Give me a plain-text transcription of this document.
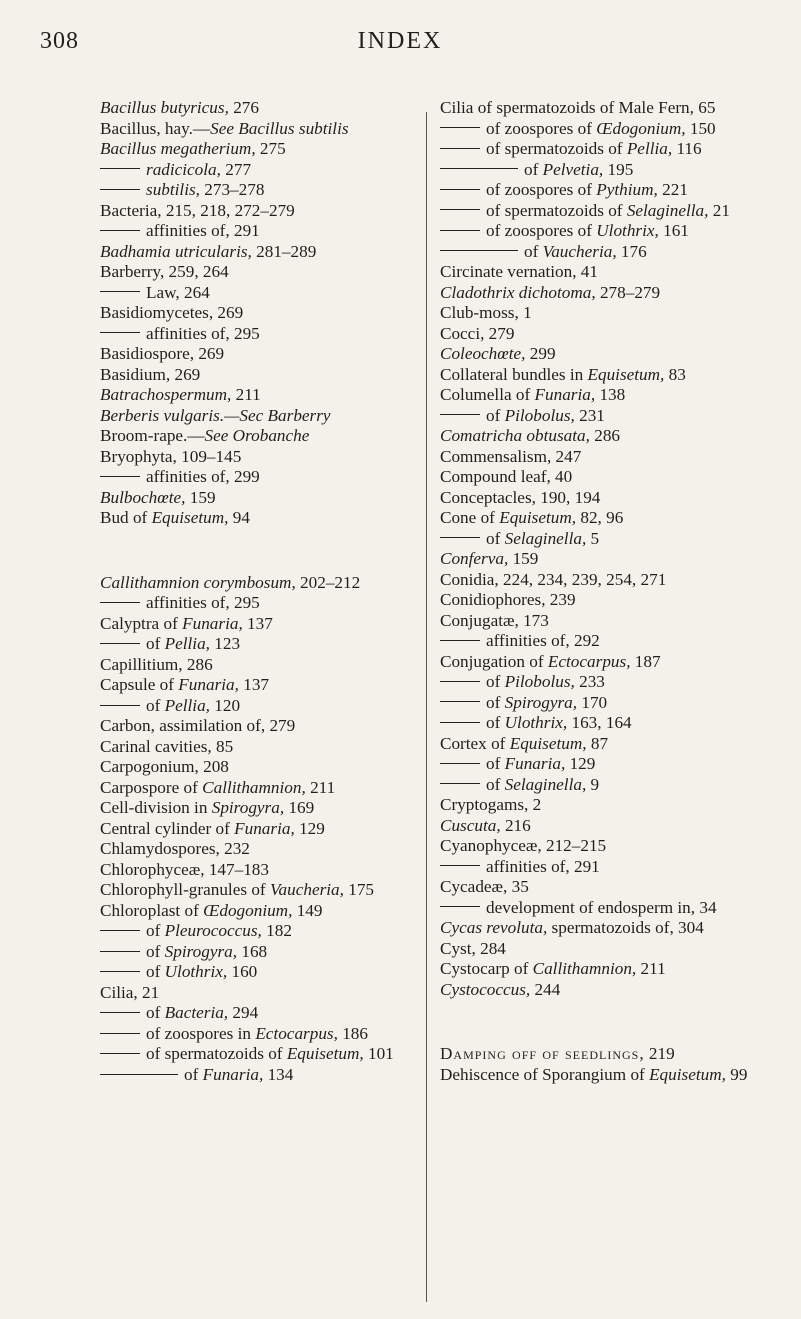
308	INDEX

Bacillus butyricus, 276

Bacillus, hay.—See Bacillus subtilis

Bacillus megatherium, 275

radicicola, 277

subtilis, 273–278

Bacteria, 215, 218, 272–279

affinities of, 291

Badhamia utricularis, 281–289

Barberry, 259, 264

Law, 264

Basidiomycetes, 269

affinities of, 295

Basidiospore, 269

Basidium, 269

Batrachospermum, 211

Berberis vulgaris.—Sec Barberry

Broom-rape.—See Orobanche

Bryophyta, 109–145

affinities of, 299

Bulbochœte, 159

Bud of Equisetum, 94

Callithamnion corymbosum, 202–212

affinities of, 295

Calyptra of Funaria, 137

of Pellia, 123

Capillitium, 286

Capsule of Funaria, 137

of Pellia, 120

Carbon, assimilation of, 279

Carinal cavities, 85

Carpogonium, 208

Carpospore of Callithamnion, 211

Cell-division in Spirogyra, 169

Central cylinder of Funaria, 129

Chlamydospores, 232

Chlorophyceæ, 147–183

Chlorophyll-granules of Vaucheria, 175

Chloroplast of Œdogonium, 149

of Pleurococcus, 182

of Spirogyra, 168

of Ulothrix, 160

Cilia, 21

of Bacteria, 294

of zoospores in Ectocarpus, 186

of spermatozoids of Equisetum, 101

of Funaria, 134

Cilia of spermatozoids of Male Fern, 65

of zoospores of Œdogonium, 150

of spermatozoids of Pellia, 116

of Pelvetia, 195

of zoospores of Pythium, 221

of spermatozoids of Selaginella, 21

of zoospores of Ulothrix, 161

of Vaucheria, 176

Circinate vernation, 41

Cladothrix dichotoma, 278–279

Club-moss, 1

Cocci, 279

Coleochœte, 299

Collateral bundles in Equisetum, 83

Columella of Funaria, 138

of Pilobolus, 231

Comatricha obtusata, 286

Commensalism, 247

Compound leaf, 40

Conceptacles, 190, 194

Cone of Equisetum, 82, 96

of Selaginella, 5

Conferva, 159

Conidia, 224, 234, 239, 254, 271

Conidiophores, 239

Conjugatæ, 173

affinities of, 292

Conjugation of Ectocarpus, 187

of Pilobolus, 233

of Spirogyra, 170

of Ulothrix, 163, 164

Cortex of Equisetum, 87

of Funaria, 129

of Selaginella, 9

Cryptogams, 2

Cuscuta, 216

Cyanophyceæ, 212–215

affinities of, 291

Cycadeæ, 35

development of endosperm in, 34

Cycas revoluta, spermatozoids of, 304

Cyst, 284

Cystocarp of Callithamnion, 211

Cystococcus, 244

Damping off of seedlings, 219

Dehiscence of Sporangium of Equisetum, 99
